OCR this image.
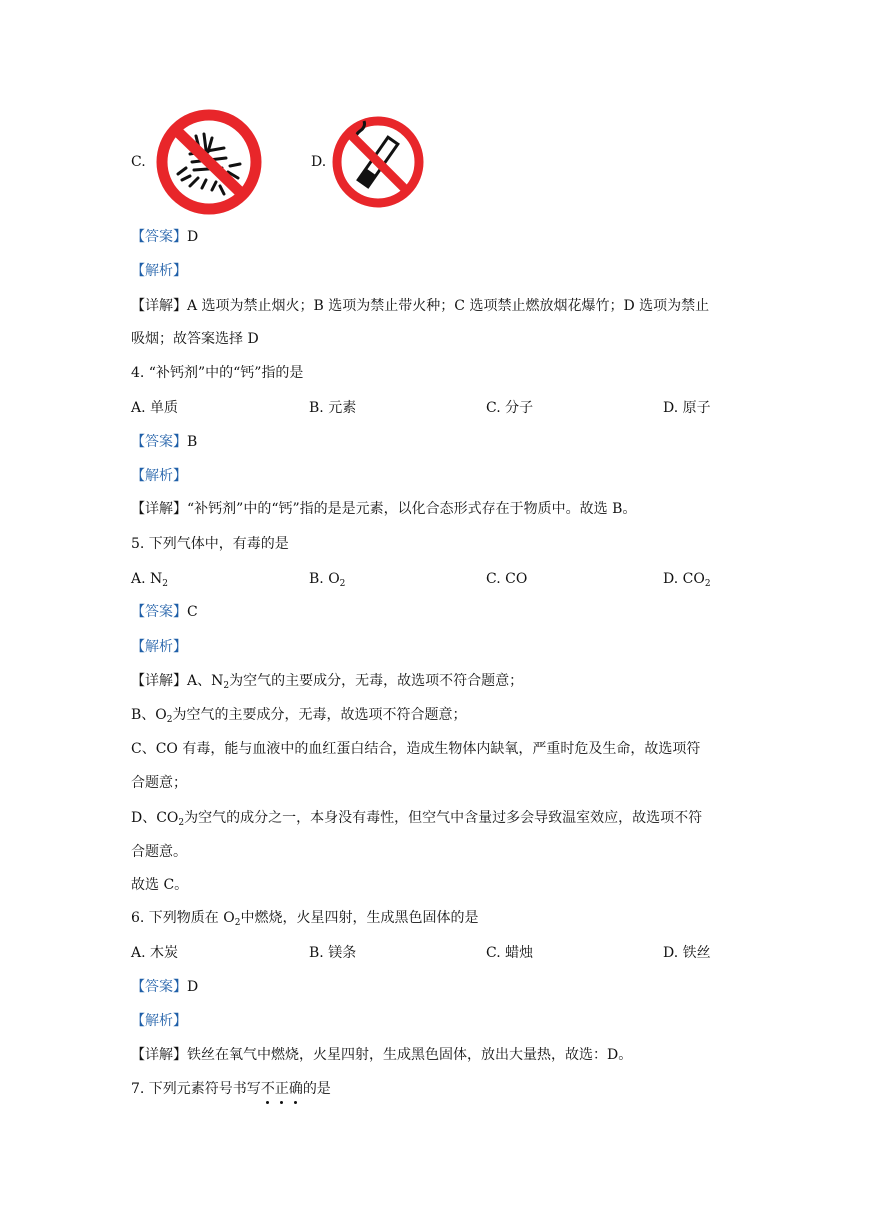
C.	D.
【答案】D
【解析】
【详解】A 选项为禁止烟火；B 选项为禁止带火种；C 选项禁止燃放烟花爆竹；D 选项为禁止
吸烟；故答案选择 D
4. “补钙剂”中的“钙”指的是
A. 单质	B. 元素	C. 分子	D. 原子
【答案】B
【解析】
【详解】“补钙剂”中的“钙”指的是是元素，以化合态形式存在于物质中。故选 B。
5. 下列气体中，有毒的是
A. $N_2$	B. $O_2$	C. CO	D. $CO_2$
【答案】C
【解析】
【详解】A、$N_2$为空气的主要成分，无毒，故选项不符合题意；
B、$O_2$为空气的主要成分，无毒，故选项不符合题意；
C、CO 有毒，能与血液中的血红蛋白结合，造成生物体内缺氧，严重时危及生命，故选项符
合题意；
D、$CO_2$为空气的成分之一，本身没有毒性，但空气中含量过多会导致温室效应，故选项不符
合题意。
故选 C。
6. 下列物质在 $O_2$中燃烧，火星四射，生成黑色固体的是
A. 木炭	B. 镁条	C. 蜡烛	D. 铁丝
【答案】D
【解析】
【详解】铁丝在氧气中燃烧，火星四射，生成黑色固体，放出大量热，故选：D。
7. 下列元素符号书写不
正
确
的是
